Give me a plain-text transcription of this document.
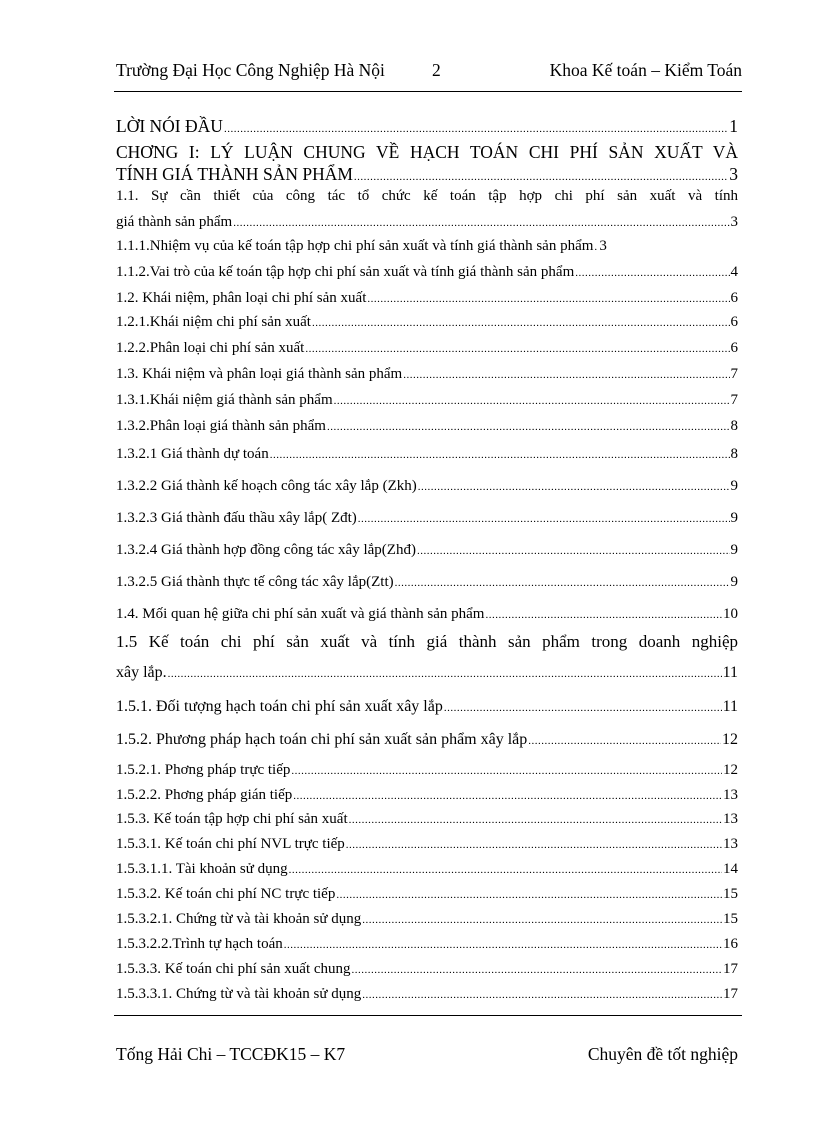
Trường Đại Học Công Nghiệp Hà Nội	2	Khoa Kế toán – Kiểm Toán
LỜI NÓI ĐẦU .....	1
CHƠNG I: LÝ LUẬN CHUNG VỀ HẠCH TOÁN CHI PHÍ SẢN XUẤT VÀ
TÍNH GIÁ THÀNH SẢN PHẨM .....	3
1.1. Sự cần thiết của công tác tổ chức kế toán tập hợp chi phí sản xuất và tính
giá thành sản phẩm .....	3
1.1.1.Nhiệm vụ của kế toán tập hợp chi phí sản xuất và tính giá thành sản phẩm ..... 3
1.1.2.Vai trò của kế toán tập hợp chi phí sản xuất và tính giá thành sản phẩm .....	4
1.2. Khái niệm, phân loại chi phí sản xuất .....	6
1.2.1.Khái niệm chi phí sản xuất .....	6
1.2.2.Phân loại chi phí sản xuất .....	6
1.3. Khái niệm và phân loại giá thành sản phẩm .....	7
1.3.1.Khái niệm giá thành sản phẩm .....	7
1.3.2.Phân loại giá thành sản phẩm .....	8
1.3.2.1 Giá thành dự toán .....	8
1.3.2.2 Giá thành kế hoạch công tác xây lắp (Zkh) .....	9
1.3.2.3 Giá thành đấu thầu xây lắp( Zđt) .....	9
1.3.2.4 Giá thành hợp đồng công tác xây lắp(Zhđ) .....	9
1.3.2.5 Giá thành thực tế công tác xây lắp(Ztt) .....	9
1.4. Mối quan hệ giữa chi phí sản xuất và giá thành sản phẩm .....	10
1.5 Kế toán chi phí sản xuất và tính giá thành sản phẩm trong doanh nghiệp
xây lắp. .....	11
1.5.1. Đối tượng hạch toán chi phí sản xuất xây lắp .....	11
1.5.2. Phương pháp hạch toán chi phí sản xuất sản phẩm xây lắp .....	12
1.5.2.1. Phơng pháp trực tiếp .....	12
1.5.2.2. Phơng pháp gián tiếp .....	13
1.5.3. Kế toán tập hợp chi phí sản xuất .....	13
1.5.3.1. Kế toán chi phí NVL trực tiếp .....	13
1.5.3.1.1. Tài khoản sử dụng .....	14
1.5.3.2. Kế toán chi phí NC trực tiếp .....	15
1.5.3.2.1. Chứng từ và tài khoản sử dụng .....	15
1.5.3.2.2.Trình tự hạch toán .....	16
1.5.3.3. Kế toán chi phí sản xuất chung .....	17
1.5.3.3.1. Chứng từ và tài khoản sử dụng .....	17
Tống Hải Chi – TCCĐK15 – K7	Chuyên đề tốt nghiệp
